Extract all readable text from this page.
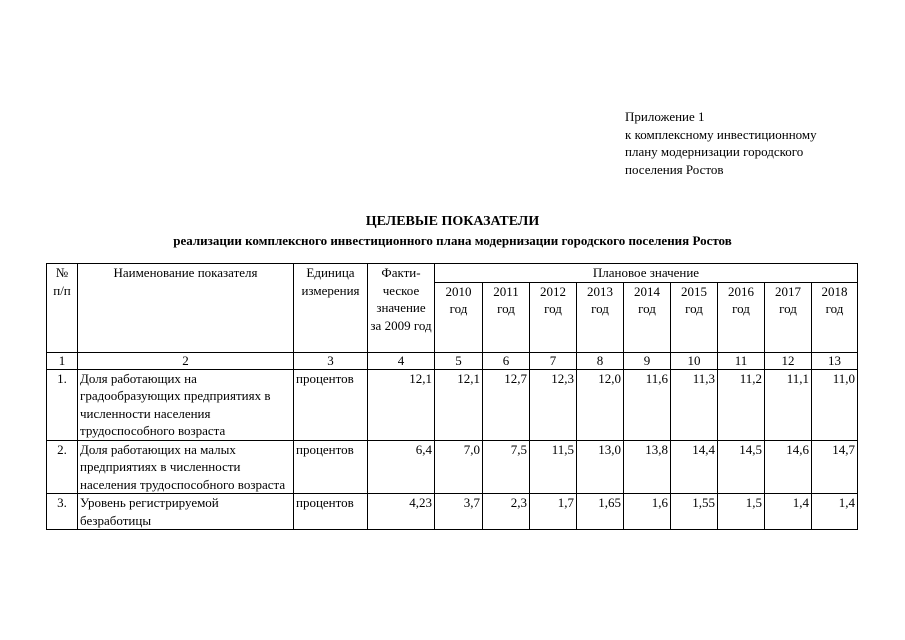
Приложение 1
к комплексному инвестиционному
плану модернизации городского
поселения Ростов
ЦЕЛЕВЫЕ ПОКАЗАТЕЛИ
реализации комплексного инвестиционного плана модернизации городского поселения Ростов
№ п/п	Наименование показателя	Единица измерения	Факти-ческое значение за 2009 год	Плановое значение								
				2010 год	2011 год	2012 год	2013 год	2014 год	2015 год	2016 год	2017 год	2018 год
1	2	3	4	5	6	7	8	9	10	11	12	13
1.	Доля работающих на градообразующих предприятиях в численности населения трудоспособного возраста	процентов	12,1	12,1	12,7	12,3	12,0	11,6	11,3	11,2	11,1	11,0
2.	Доля работающих на малых предприятиях в численности населения трудоспособного возраста	процентов	6,4	7,0	7,5	11,5	13,0	13,8	14,4	14,5	14,6	14,7
3.	Уровень регистрируемой безработицы	процентов	4,23	3,7	2,3	1,7	1,65	1,6	1,55	1,5	1,4	1,4
